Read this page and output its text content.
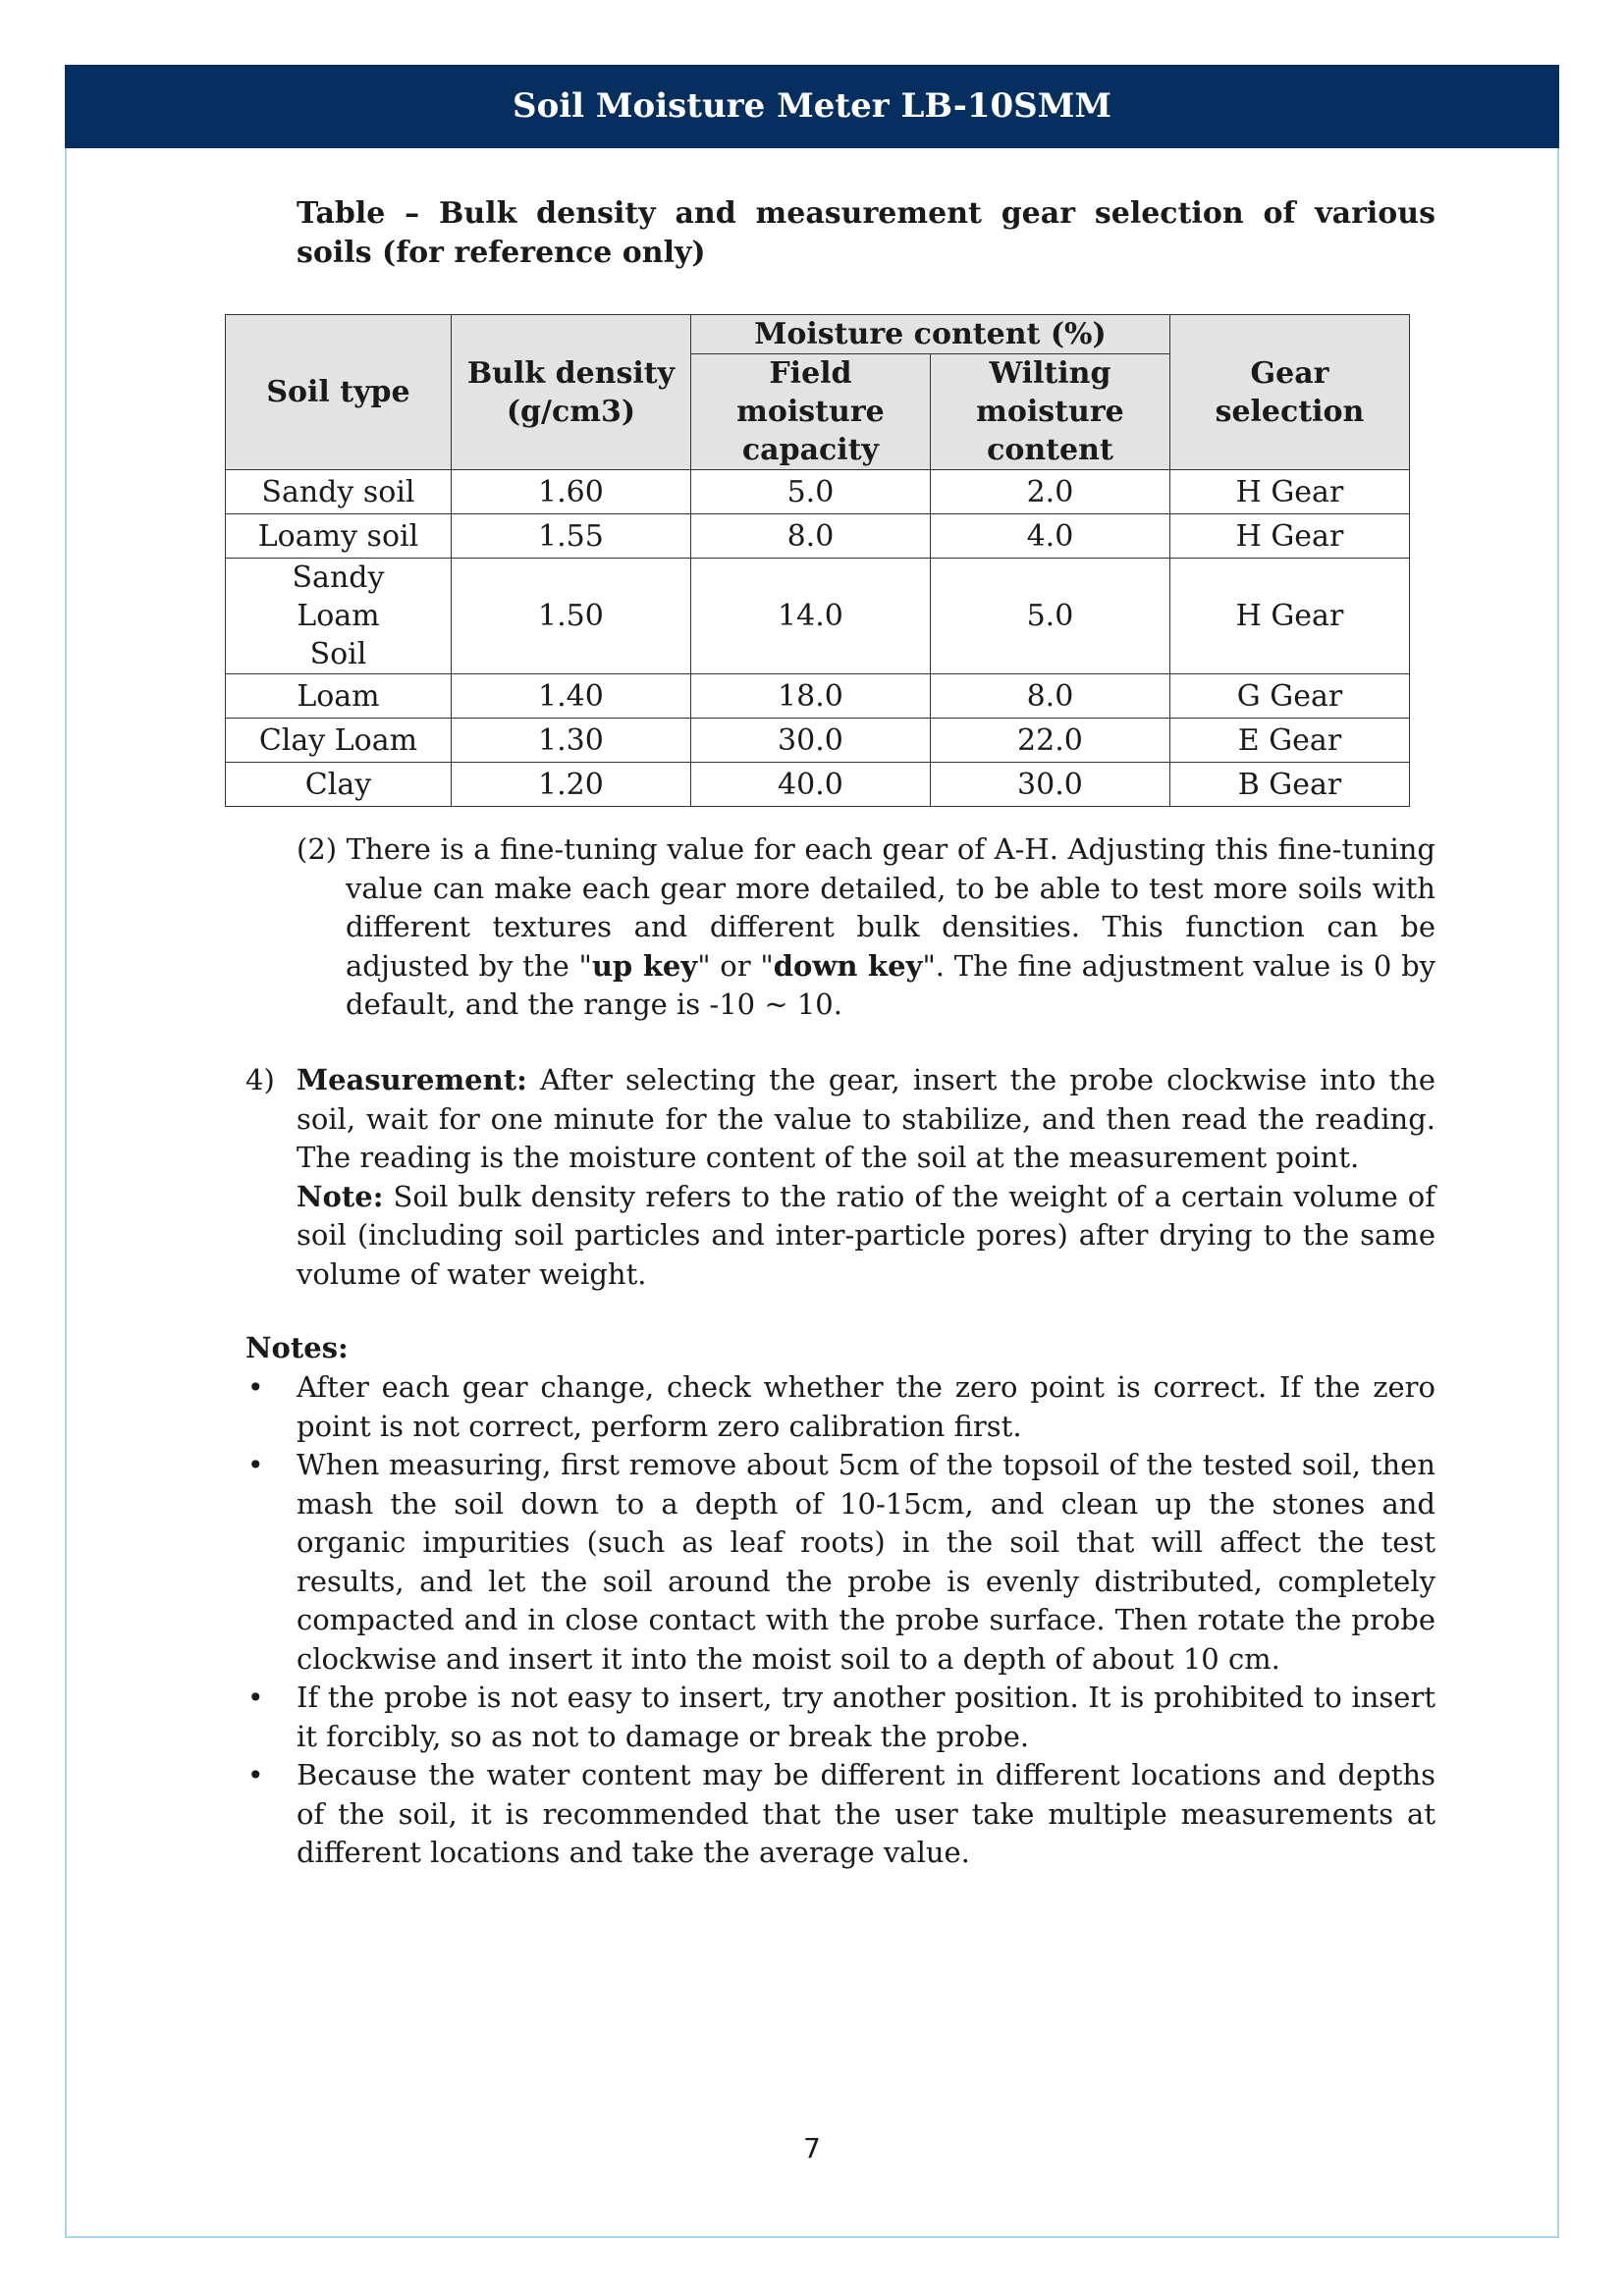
Soil Moisture Meter LB-10SMM
Table – Bulk density and measurement gear selection of various soils (for reference only)
Soil type	Bulk density (g/cm3)	Moisture content (%)		Gear selection
		Field moisture capacity	Wilting moisture content	
Sandy soil	1.60	5.0	2.0	H Gear
Loamy soil	1.55	8.0	4.0	H Gear
Sandy Loam Soil	1.50	14.0	5.0	H Gear
Loam	1.40	18.0	8.0	G Gear
Clay Loam	1.30	30.0	22.0	E Gear
Clay	1.20	40.0	30.0	B Gear
(2) There is a fine-tuning value for each gear of A-H. Adjusting this fine-tuning value can make each gear more detailed, to be able to test more soils with different textures and different bulk densities. This function can be adjusted by the "up key" or "down key". The fine adjustment value is 0 by default, and the range is -10 ~ 10.
4) Measurement: After selecting the gear, insert the probe clockwise into the soil, wait for one minute for the value to stabilize, and then read the reading. The reading is the moisture content of the soil at the measurement point.
Note: Soil bulk density refers to the ratio of the weight of a certain volume of soil (including soil particles and inter-particle pores) after drying to the same volume of water weight.
Notes:
• After each gear change, check whether the zero point is correct. If the zero point is not correct, perform zero calibration first.
• When measuring, first remove about 5cm of the topsoil of the tested soil, then mash the soil down to a depth of 10-15cm, and clean up the stones and organic impurities (such as leaf roots) in the soil that will affect the test results, and let the soil around the probe is evenly distributed, completely compacted and in close contact with the probe surface. Then rotate the probe clockwise and insert it into the moist soil to a depth of about 10 cm.
• If the probe is not easy to insert, try another position. It is prohibited to insert it forcibly, so as not to damage or break the probe.
• Because the water content may be different in different locations and depths of the soil, it is recommended that the user take multiple measurements at different locations and take the average value.
7
